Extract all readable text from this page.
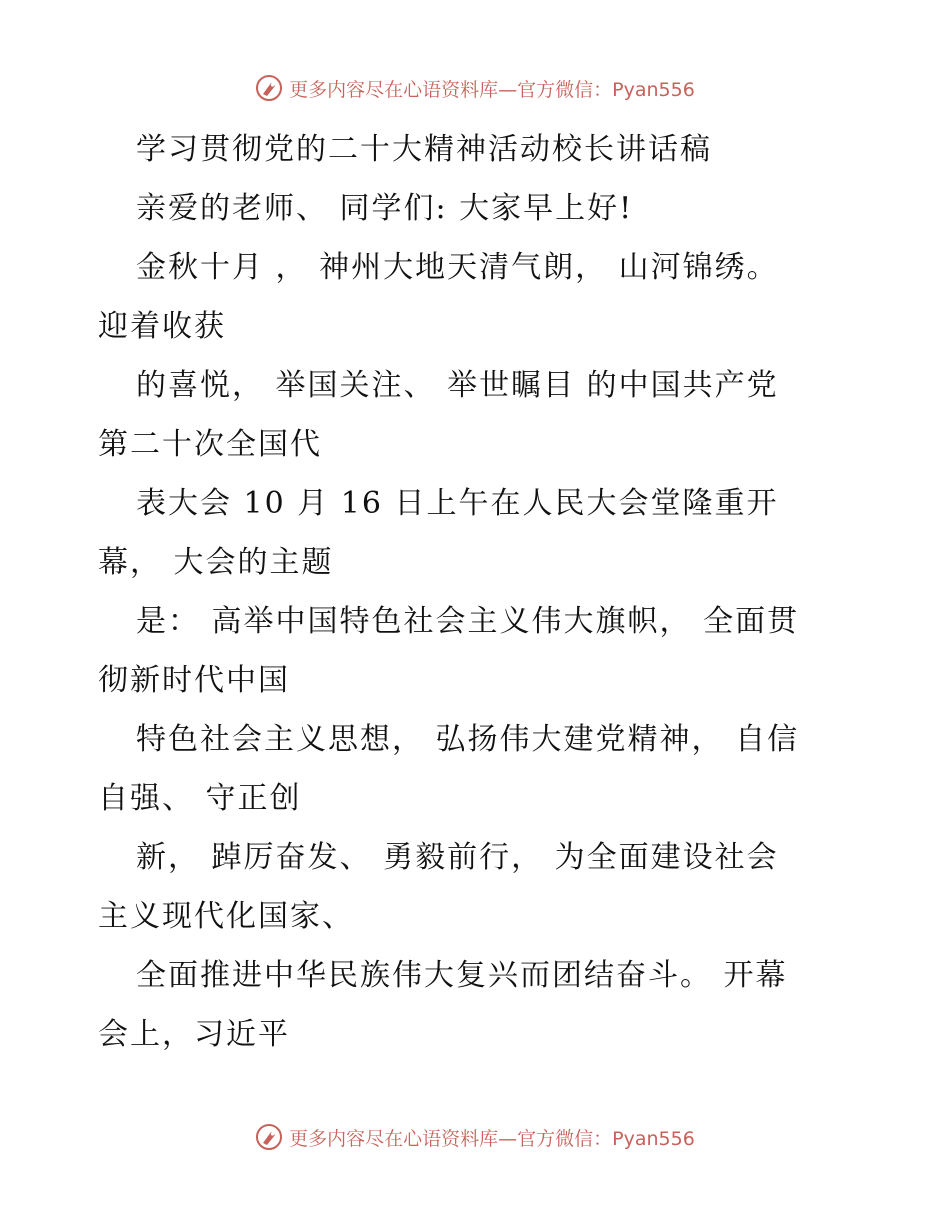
更多内容尽在心语资料库—官方微信：Pyan556
学习贯彻党的二十大精神活动校长讲话稿
亲爱的老师、 同学们: 大家早上好!
金秋十月 ， 神州大地天清气朗， 山河锦绣。
迎着收获
的喜悦， 举国关注、 举世瞩目 的中国共产党
第二十次全国代
表大会 10 月 16 日上午在人民大会堂隆重开
幕， 大会的主题
是： 高举中国特色社会主义伟大旗帜， 全面贯
彻新时代中国
特色社会主义思想， 弘扬伟大建党精神， 自信
自强、 守正创
新， 踔厉奋发、 勇毅前行， 为全面建设社会
主义现代化国家、
全面推进中华民族伟大复兴而团结奋斗。 开幕
会上，习近平
更多内容尽在心语资料库—官方微信：Pyan556
